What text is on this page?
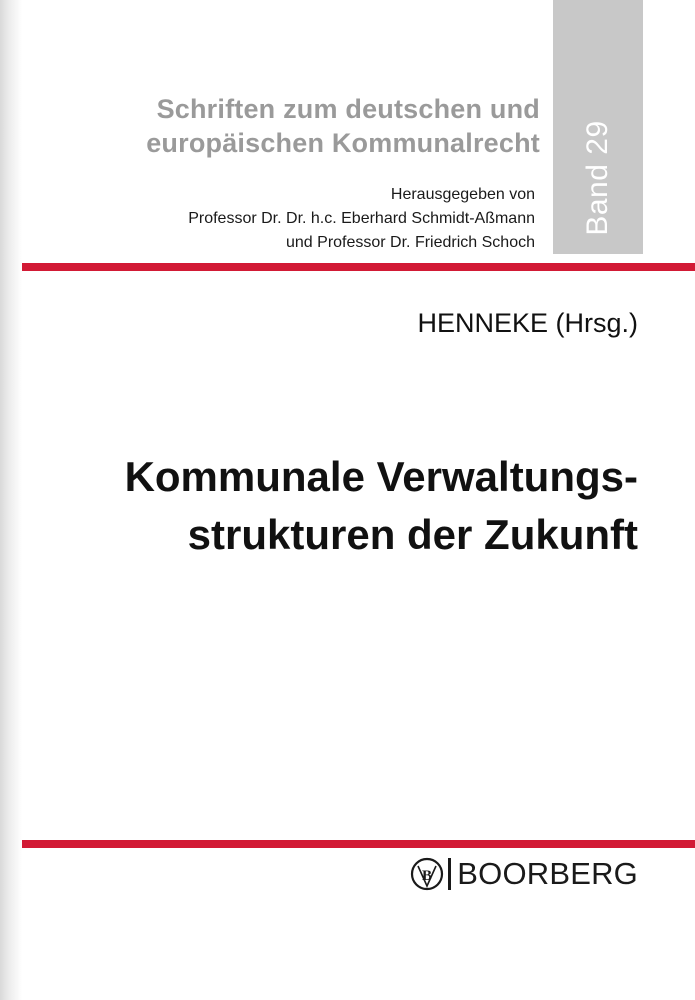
Schriften zum deutschen und
europäischen Kommunalrecht
Herausgegeben von
Professor Dr. Dr. h.c. Eberhard Schmidt-Aßmann
und Professor Dr. Friedrich Schoch
Band 29
HENNEKE (Hrsg.)
Kommunale Verwaltungs-
strukturen der Zukunft
B BOORBERG
